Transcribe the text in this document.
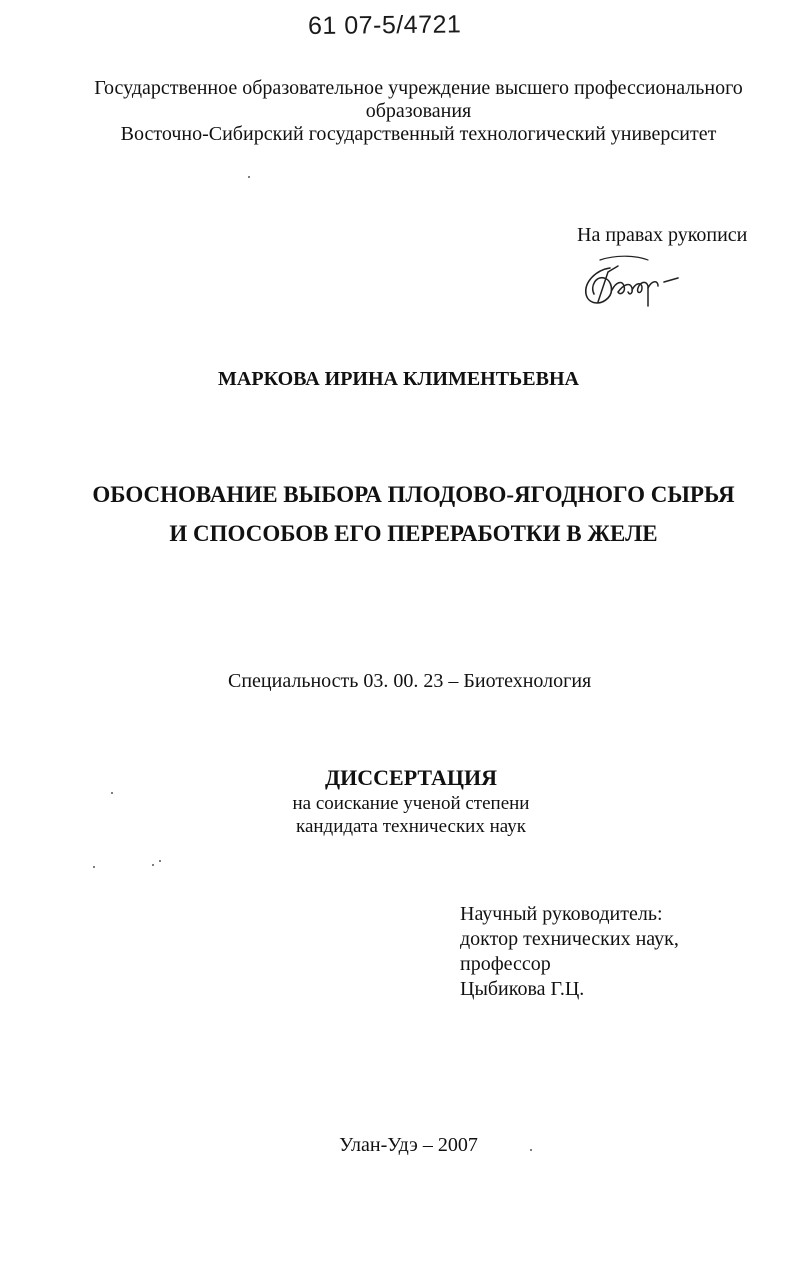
61 07-5/4721
Государственное образовательное учреждение высшего профессионального
образования
Восточно-Сибирский государственный технологический университет
На правах рукописи
МАРКОВА ИРИНА КЛИМЕНТЬЕВНА
ОБОСНОВАНИЕ ВЫБОРА ПЛОДОВО-ЯГОДНОГО СЫРЬЯ
И СПОСОБОВ ЕГО ПЕРЕРАБОТКИ В ЖЕЛЕ
Специальность 03. 00. 23 – Биотехнология
ДИССЕРТАЦИЯ
на соискание ученой степени
кандидата технических наук
Научный руководитель:
доктор технических наук,
профессор
Цыбикова Г.Ц.
Улан-Удэ – 2007
